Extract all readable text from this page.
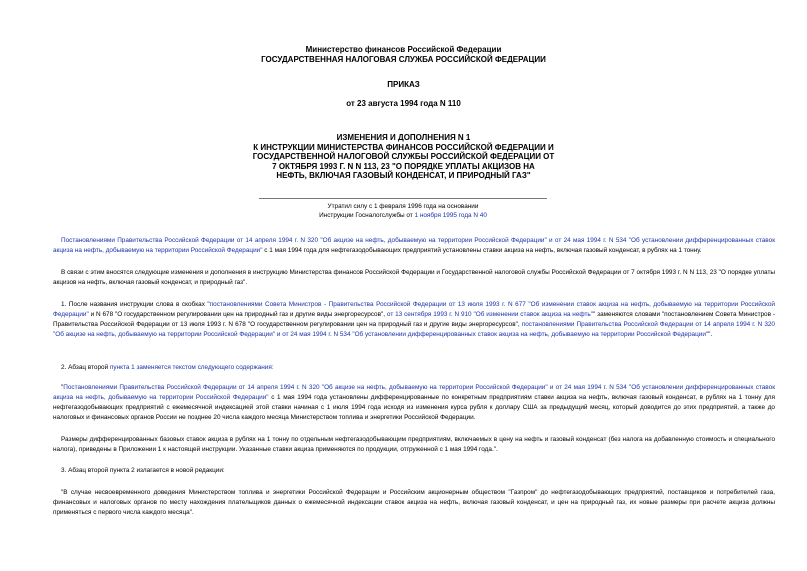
Министерство финансов Российской Федерации
ГОСУДАРСТВЕННАЯ НАЛОГОВАЯ СЛУЖБА РОССИЙСКОЙ ФЕДЕРАЦИИ
ПРИКАЗ
от 23 августа 1994 года N 110
ИЗМЕНЕНИЯ И ДОПОЛНЕНИЯ N 1
К ИНСТРУКЦИИ МИНИСТЕРСТВА ФИНАНСОВ РОССИЙСКОЙ ФЕДЕРАЦИИ И
ГОСУДАРСТВЕННОЙ НАЛОГОВОЙ СЛУЖБЫ РОССИЙСКОЙ ФЕДЕРАЦИИ ОТ
7 ОКТЯБРЯ 1993 Г. N N 113, 23 "О ПОРЯДКЕ УПЛАТЫ АКЦИЗОВ НА
НЕФТЬ, ВКЛЮЧАЯ ГАЗОВЫЙ КОНДЕНСАТ, И ПРИРОДНЫЙ ГАЗ"
Утратил силу с 1 февраля 1996 года на основании
Инструкции Госналогслужбы от 1 ноября 1995 года N 40

Постановлениями Правительства Российской Федерации от 14 апреля 1994 г. N 320 "Об акцизе на нефть, добываемую на территории Российской Федерации" и от 24 мая 1994 г. N 534 "Об установлении дифференцированных ставок акциза на нефть, добываемую на территории Российской Федерации" с 1 мая 1994 года для нефтегазодобывающих предприятий установлены ставки акциза на нефть, включая газовый конденсат, в рублях на 1 тонну.

В связи с этим вносятся следующие изменения и дополнения в инструкцию Министерства финансов Российской Федерации и Государственной налоговой службы Российской Федерации от 7 октября 1993 г. N N 113, 23 "О порядке уплаты акцизов на нефть, включая газовый конденсат, и природный газ".

1. После названия инструкции слова в скобках "постановлениями Совета Министров - Правительства Российской Федерации от 13 июля 1993 г. N 677 "Об изменении ставок акциза на нефть, добываемую на территории Российской Федерации" и N 678 "О государственном регулировании цен на природный газ и другие виды энергоресурсов", от 13 сентября 1993 г. N 910 "Об изменении ставок акциза на нефть"" заменяются словами "постановлением Совета Министров - Правительства Российской Федерации от 13 июля 1993 г. N 678 "О государственном регулировании цен на природный газ и другие виды энергоресурсов", постановлениями Правительства Российской Федерации от 14 апреля 1994 г. N 320 "Об акцизе на нефть, добываемую на территории Российской Федерации" и от 24 мая 1994 г. N 534 "Об установлении дифференцированных ставок акциза на нефть, добываемую на территории Российской Федерации"".

2. Абзац второй пункта 1 заменяется текстом следующего содержания:

"Постановлениями Правительства Российской Федерации от 14 апреля 1994 г. N 320 "Об акцизе на нефть, добываемую на территории Российской Федерации" и от 24 мая 1994 г. N 534 "Об установлении дифференцированных ставок акциза на нефть, добываемую на территории Российской Федерации" с 1 мая 1994 года установлены дифференцированные по конкретным предприятиям ставки акциза на нефть, включая газовый конденсат, в рублях на 1 тонну для нефтегазодобывающих предприятий с ежемесячной индексацией этой ставки начиная с 1 июля 1994 года исходя из изменения курса рубля к доллару США за предыдущий месяц, который доводится до этих предприятий, а также до налоговых и финансовых органов России не позднее 20 числа каждого месяца Министерством топлива и энергетики Российской Федерации.

Размеры дифференцированных базовых ставок акциза в рублях на 1 тонну по отдельным нефтегазодобывающим предприятиям, включаемых в цену на нефть и газовый конденсат (без налога на добавленную стоимость и специального налога), приведены в Приложении 1 к настоящей инструкции. Указанные ставки акциза применяются по продукции, отгруженной с 1 мая 1994 года.".

3. Абзац второй пункта 2 излагается в новой редакции:

"В случае несвоевременного доведения Министерством топлива и энергетики Российской Федерации и Российским акционерным обществом "Газпром" до нефтегазодобывающих предприятий, поставщиков и потребителей газа, финансовых и налоговых органов по месту нахождения плательщиков данных о ежемесячной индексации ставок акциза на нефть, включая газовый конденсат, и цен на природный газ, их новые размеры при расчете акциза должны применяться с первого числа каждого месяца".
